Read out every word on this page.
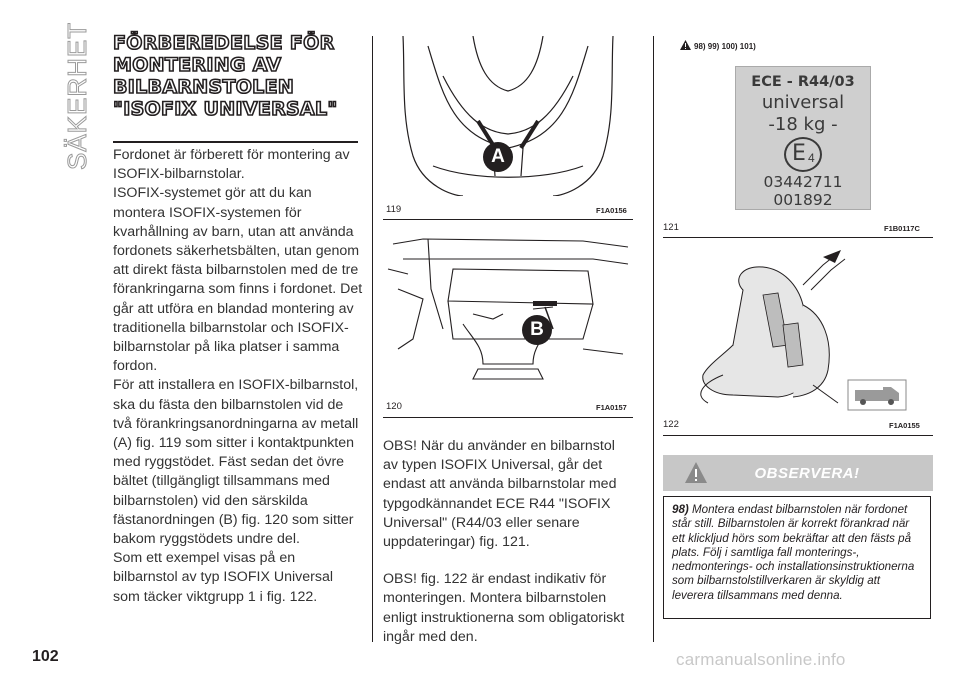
SÄKERHET FÖRBEREDELSE FÖR MONTERING AV BILBARNSTOLEN "ISOFIX UNIVERSAL"

Fordonet är förberett för montering av ISOFIX-bilbarnstolar.

ISOFIX-systemet gör att du kan montera ISOFIX-systemen för kvarhållning av barn, utan att använda fordonets säkerhetsbälten, utan genom att direkt fästa bilbarnstolen med de tre förankringarna som finns i fordonet. Det går att utföra en blandad montering av traditionella bilbarnstolar och ISOFIX-bilbarnstolar på lika platser i samma fordon.

För att installera en ISOFIX-bilbarnstol, ska du fästa den bilbarnstolen vid de två förankringsanordningarna av metall (A) fig. 119 som sitter i kontaktpunkten med ryggstödet. Fäst sedan det övre bältet (tillgängligt tillsammans med bilbarnstolen) vid den särskilda fästanordningen (B) fig. 120 som sitter bakom ryggstödets undre del.

Som ett exempel visas på en bilbarnstol av typ ISOFIX Universal som täcker viktgrupp 1 i fig. 122.

A
119	F1A0156
B
120	F1A0157

OBS! När du använder en bilbarnstol av typen ISOFIX Universal, går det endast att använda bilbarnstolar med typgodkännandet ECE R44 "ISOFIX Universal" (R44/03 eller senare uppdateringar) fig. 121.

OBS! fig. 122 är endast indikativ för monteringen. Montera bilbarnstolen enligt instruktionerna som obligatoriskt ingår med den.

98) 99) 100) 101)
ECE - R44/03
universal
-18 kg -
E 4
03442711
001892
121	F1B0117C
122	F1A0155
OBSERVERA!
98) Montera endast bilbarnstolen när fordonet står still. Bilbarnstolen är korrekt förankrad när ett klickljud hörs som bekräftar att den fästs på plats. Följ i samtliga fall monterings-, nedmonterings- och installationsinstruktionerna som bilbarnstolstillverkaren är skyldig att leverera tillsammans med denna.
102	carmanualsonline.info
